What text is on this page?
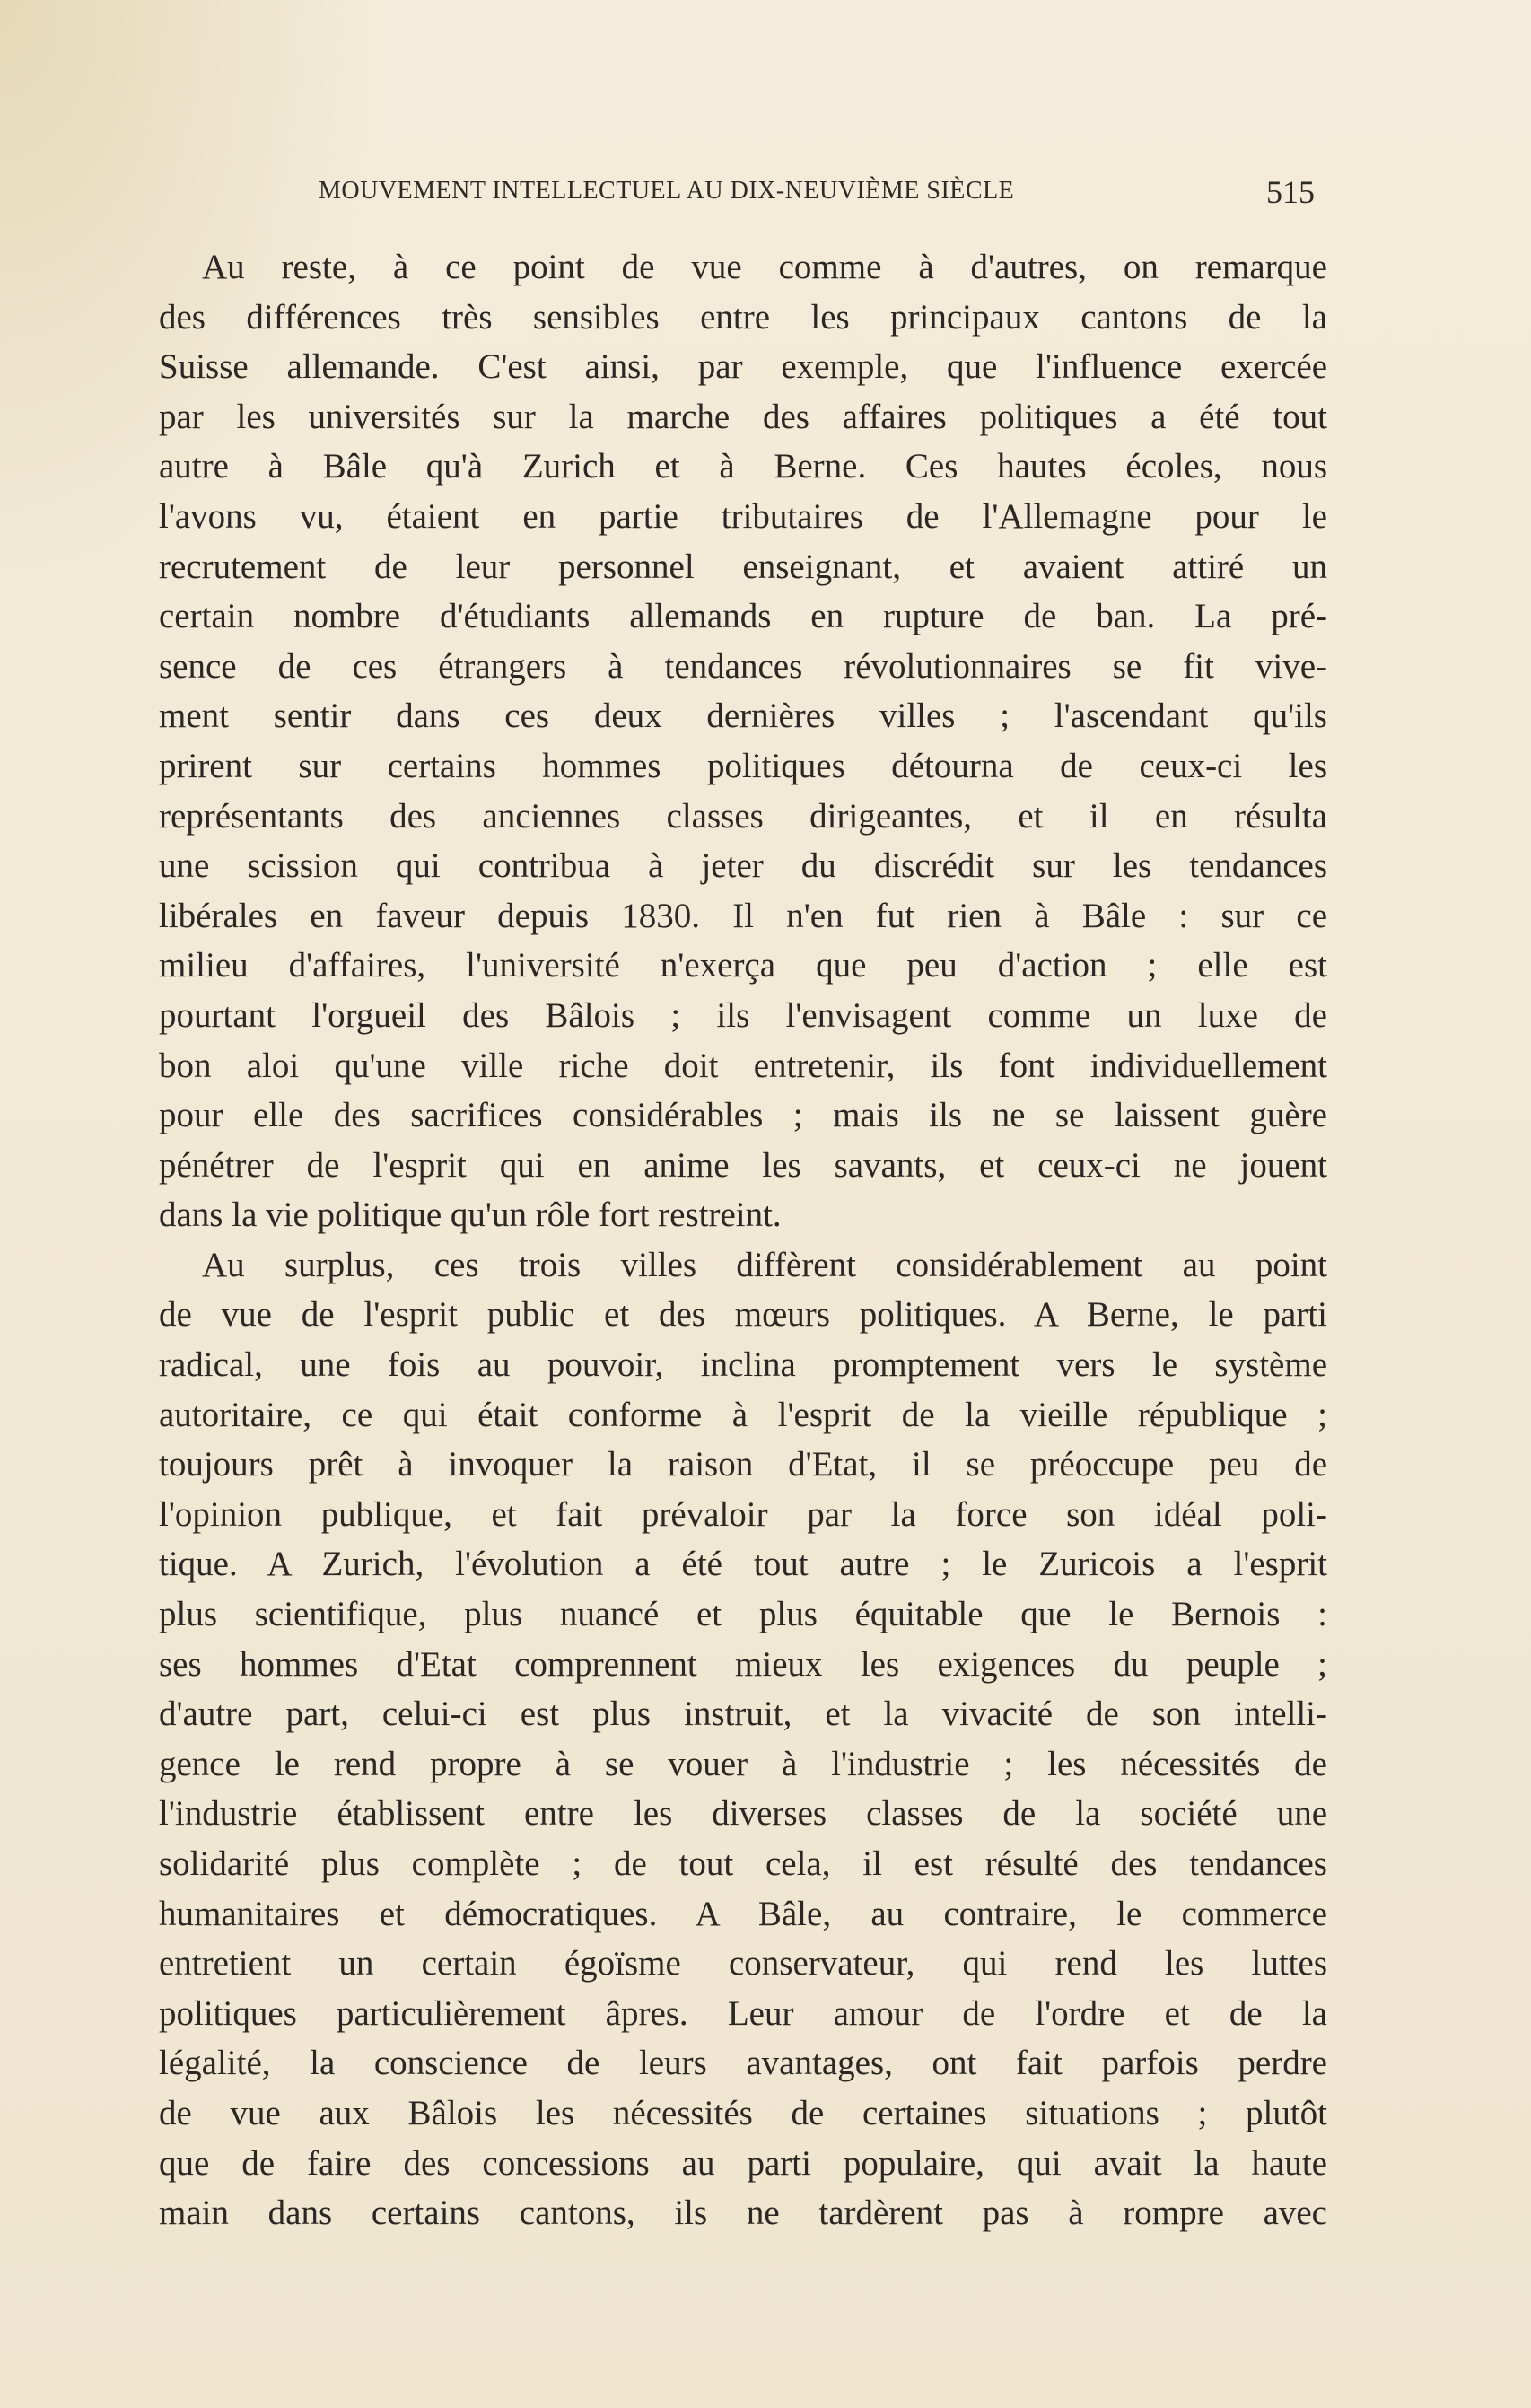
MOUVEMENT INTELLECTUEL AU DIX-NEUVIÈME SIÈCLE	515
Au reste, à ce point de vue comme à d'autres, on remarque
des différences très sensibles entre les principaux cantons de la
Suisse allemande. C'est ainsi, par exemple, que l'influence exercée
par les universités sur la marche des affaires politiques a été tout
autre à Bâle qu'à Zurich et à Berne. Ces hautes écoles, nous
l'avons vu, étaient en partie tributaires de l'Allemagne pour le
recrutement de leur personnel enseignant, et avaient attiré un
certain nombre d'étudiants allemands en rupture de ban. La pré-
sence de ces étrangers à tendances révolutionnaires se fit vive-
ment sentir dans ces deux dernières villes ; l'ascendant qu'ils
prirent sur certains hommes politiques détourna de ceux-ci les
représentants des anciennes classes dirigeantes, et il en résulta
une scission qui contribua à jeter du discrédit sur les tendances
libérales en faveur depuis 1830. Il n'en fut rien à Bâle : sur ce
milieu d'affaires, l'université n'exerça que peu d'action ; elle est
pourtant l'orgueil des Bâlois ; ils l'envisagent comme un luxe de
bon aloi qu'une ville riche doit entretenir, ils font individuellement
pour elle des sacrifices considérables ; mais ils ne se laissent guère
pénétrer de l'esprit qui en anime les savants, et ceux-ci ne jouent
dans la vie politique qu'un rôle fort restreint.
Au surplus, ces trois villes diffèrent considérablement au point
de vue de l'esprit public et des mœurs politiques. A Berne, le parti
radical, une fois au pouvoir, inclina promptement vers le système
autoritaire, ce qui était conforme à l'esprit de la vieille république ;
toujours prêt à invoquer la raison d'Etat, il se préoccupe peu de
l'opinion publique, et fait prévaloir par la force son idéal poli-
tique. A Zurich, l'évolution a été tout autre ; le Zuricois a l'esprit
plus scientifique, plus nuancé et plus équitable que le Bernois :
ses hommes d'Etat comprennent mieux les exigences du peuple ;
d'autre part, celui-ci est plus instruit, et la vivacité de son intelli-
gence le rend propre à se vouer à l'industrie ; les nécessités de
l'industrie établissent entre les diverses classes de la société une
solidarité plus complète ; de tout cela, il est résulté des tendances
humanitaires et démocratiques. A Bâle, au contraire, le commerce
entretient un certain égoïsme conservateur, qui rend les luttes
politiques particulièrement âpres. Leur amour de l'ordre et de la
légalité, la conscience de leurs avantages, ont fait parfois perdre
de vue aux Bâlois les nécessités de certaines situations ; plutôt
que de faire des concessions au parti populaire, qui avait la haute
main dans certains cantons, ils ne tardèrent pas à rompre avec
